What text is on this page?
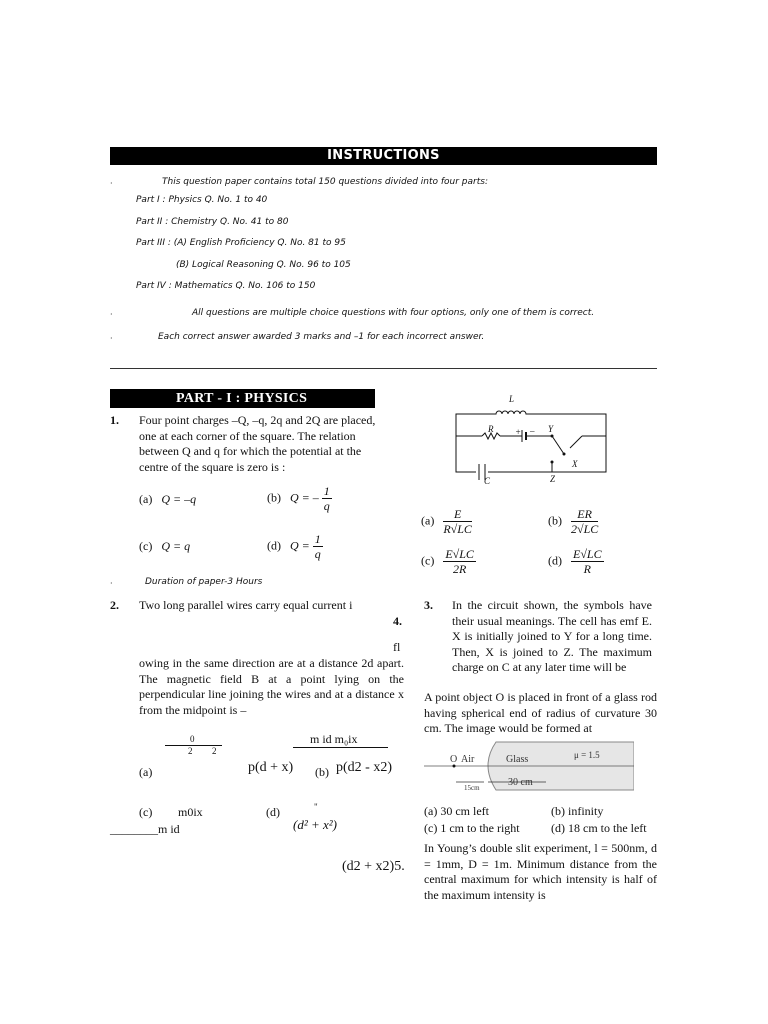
INSTRUCTIONS
·	This question paper contains total 150 questions divided into four parts:
Part I : Physics Q. No. 1 to 40
Part II : Chemistry Q. No. 41 to 80
Part III : (A) English Proficiency Q. No. 81 to 95
(B) Logical Reasoning Q. No. 96 to 105
Part IV : Mathematics Q. No. 106 to 150
·	All questions are multiple choice questions with four options, only one of them is correct.
·	Each correct answer awarded 3 marks and –1 for each incorrect answer.
PART - I : PHYSICS
1. Four point charges –Q, –q, 2q and 2Q are placed,
one at each corner of the square. The relation
between Q and q for which the potential at the
centre of the square is zero is :
(a) Q = –q	(b) Q = – $\frac{1}{q}$
(c) Q = q	(d) $Q = \frac{1}{q}$
·	Duration of paper-3 Hours
2. Two long parallel wires carry equal current i
4.
fl
owing in the same direction are at a distance 2d apart. The magnetic field B at a point lying on the perpendicular line joining the wires and at a distance x from the midpoint is –
0
2 2
m id m₀ix
(a)	p(d + x) (b) p(d2 - x2)
(c) m0ix
________m id
(d)	"
(d² + x²)
(d2 + x2)5.
L
R + – Y
X
C	Z
$(a) \frac{E}{R√LC}$	$(b) \frac{ER}{2√LC}$
$(c) \frac{E√LC}{2R}$	$(d) \frac{E√LC}{R}$
3. In the circuit shown, the symbols have their usual meanings. The cell has emf E. X is initially joined to Y for a long time. Then, X is joined to Z. The maximum charge on C at any later time will be
A point object O is placed in front of a glass rod having spherical end of radius of curvature 30 cm. The image would be formed at
O Air	Glass	μ = 1.5
15cm	30 cm
(a) 30 cm left	(b) infinity
(c) 1 cm to the right	(d) 18 cm to the left
In Young’s double slit experiment, l = 500nm, d = 1mm, D = 1m. Minimum distance from the central maximum for which intensity is half of the maximum intensity is
